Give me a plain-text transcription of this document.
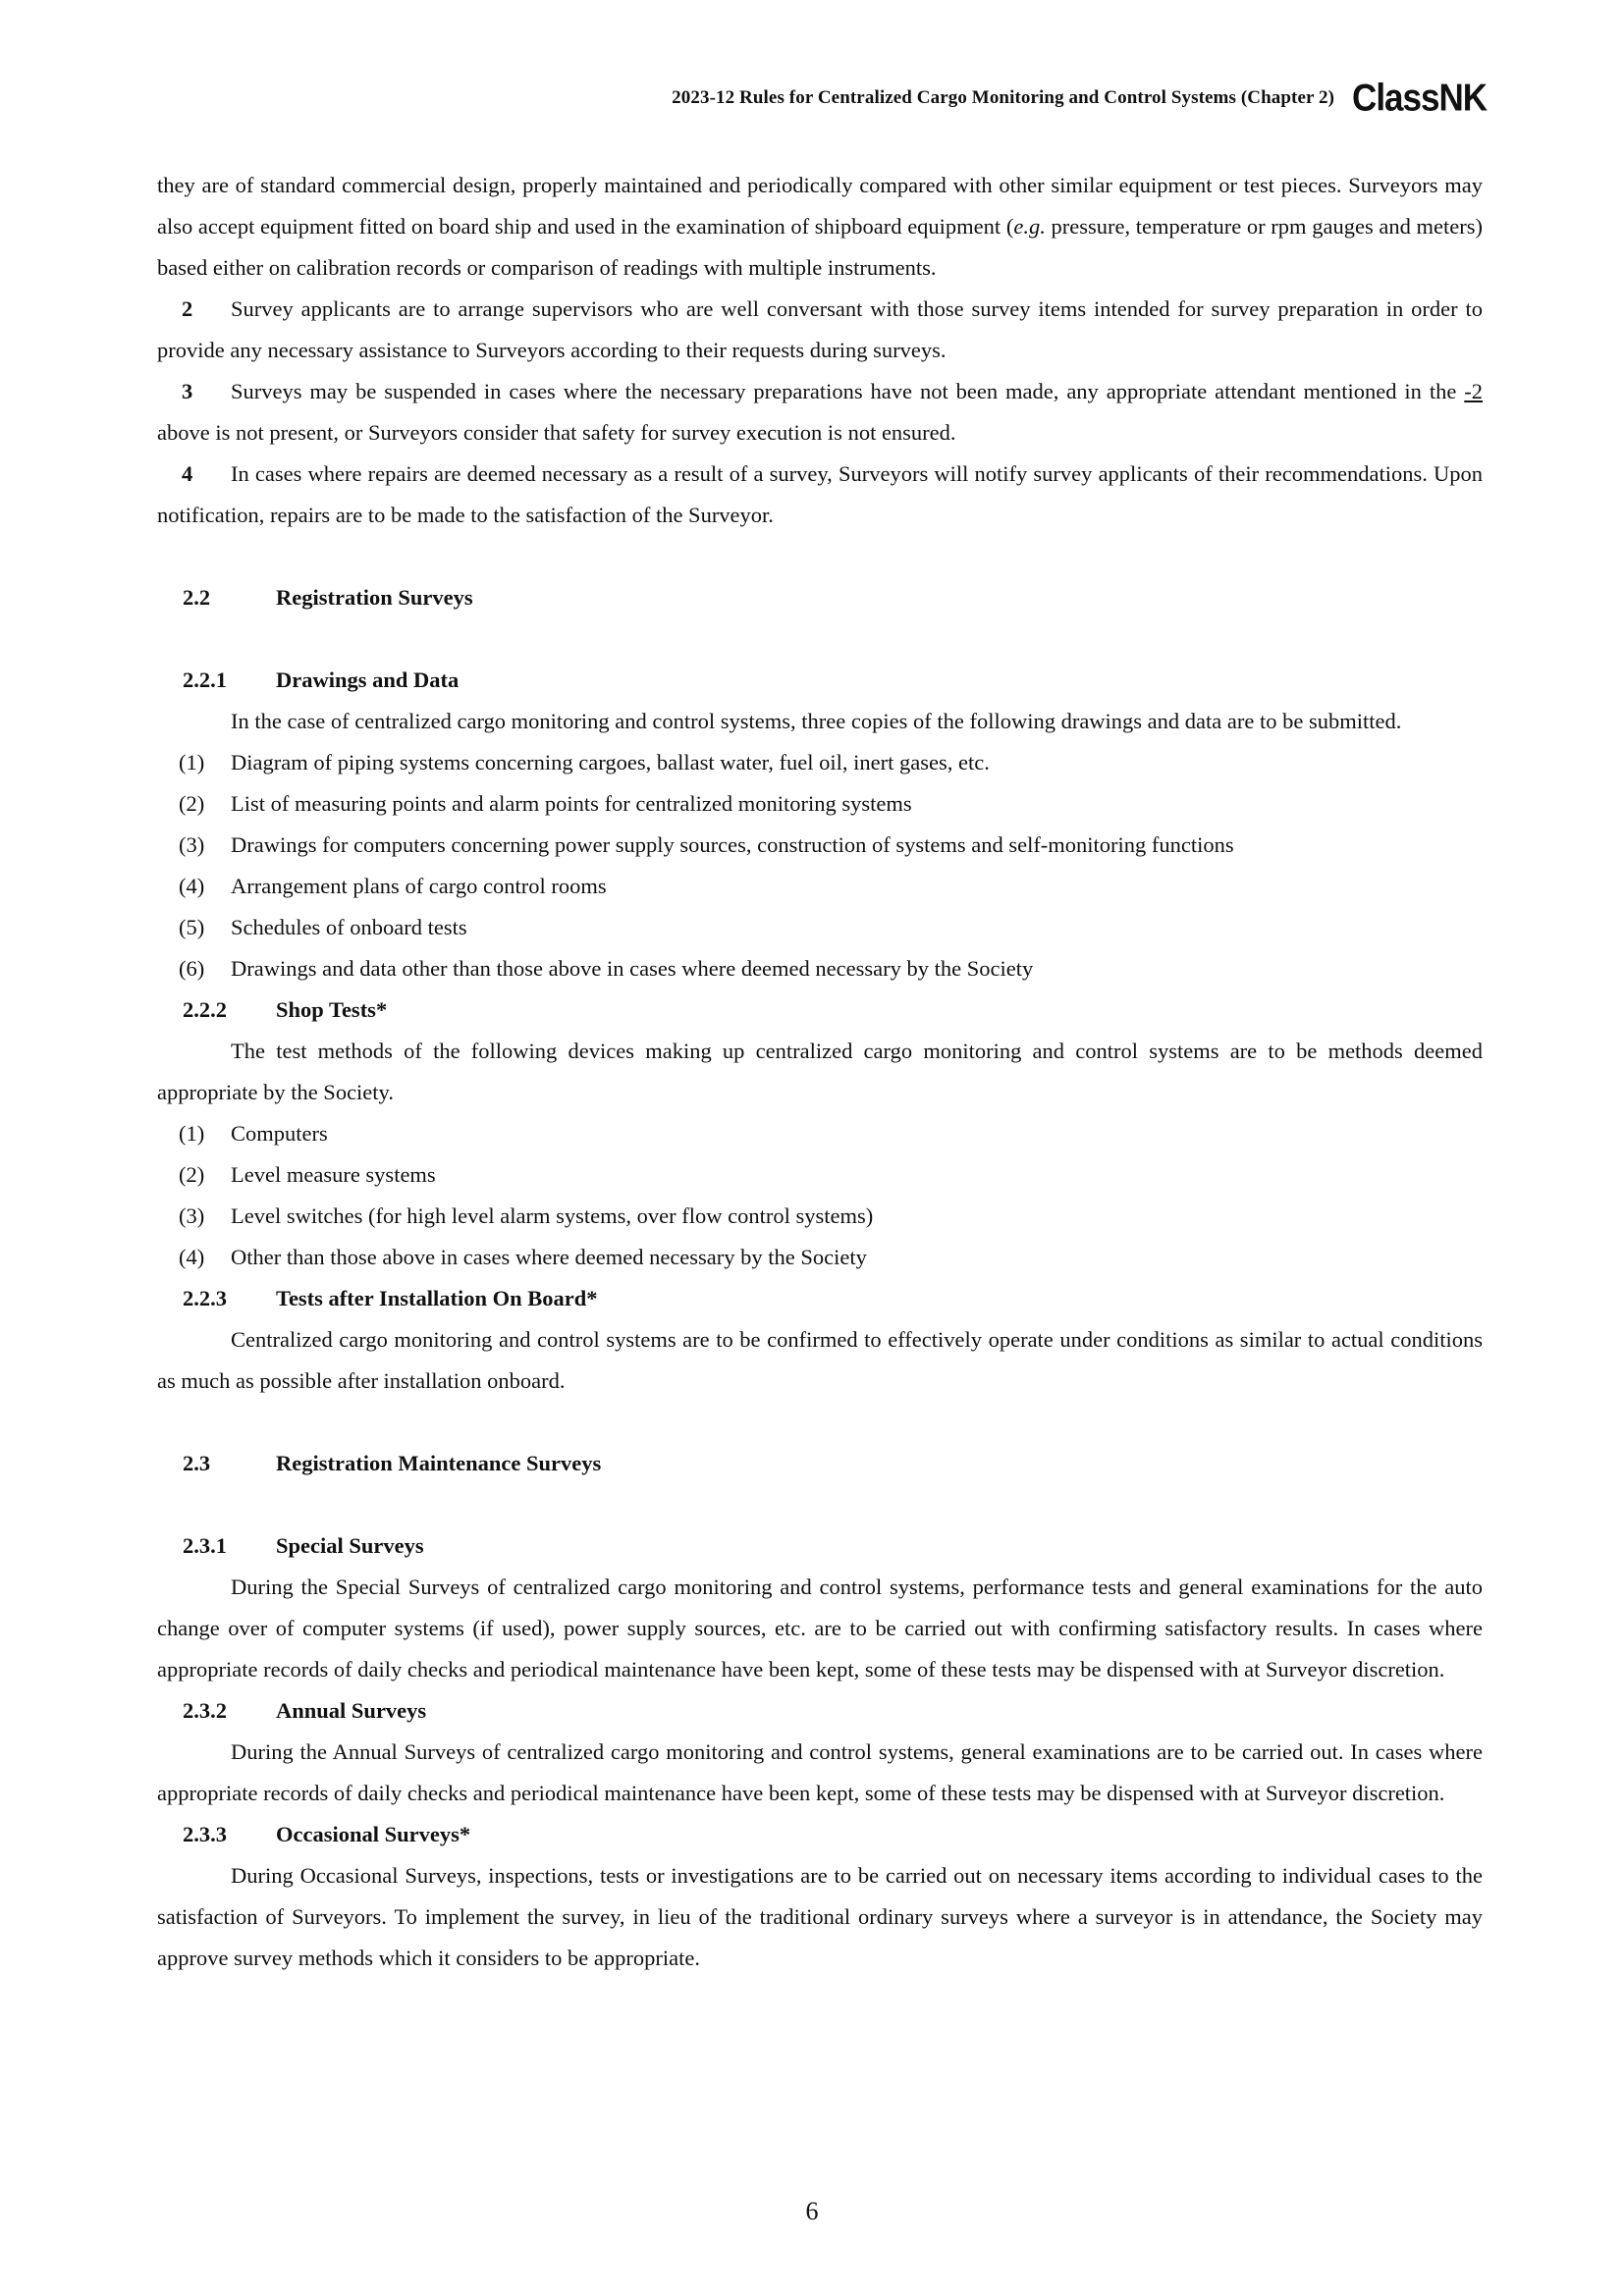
2023-12 Rules for Centralized Cargo Monitoring and Control Systems (Chapter 2) ClassNK

they are of standard commercial design, properly maintained and periodically compared with other similar equipment or test pieces. Surveyors may also accept equipment fitted on board ship and used in the examination of shipboard equipment (e.g. pressure, temperature or rpm gauges and meters) based either on calibration records or comparison of readings with multiple instruments.

2 Survey applicants are to arrange supervisors who are well conversant with those survey items intended for survey preparation in order to provide any necessary assistance to Surveyors according to their requests during surveys.

3 Surveys may be suspended in cases where the necessary preparations have not been made, any appropriate attendant mentioned in the -2 above is not present, or Surveyors consider that safety for survey execution is not ensured.

4 In cases where repairs are deemed necessary as a result of a survey, Surveyors will notify survey applicants of their recommendations. Upon notification, repairs are to be made to the satisfaction of the Surveyor.

2.2	Registration Surveys
2.2.1 Drawings and Data

In the case of centralized cargo monitoring and control systems, three copies of the following drawings and data are to be submitted.

(1) Diagram of piping systems concerning cargoes, ballast water, fuel oil, inert gases, etc.
(2) List of measuring points and alarm points for centralized monitoring systems
(3) Drawings for computers concerning power supply sources, construction of systems and self-monitoring functions
(4) Arrangement plans of cargo control rooms
(5) Schedules of onboard tests
(6) Drawings and data other than those above in cases where deemed necessary by the Society
2.2.2 Shop Tests*

The test methods of the following devices making up centralized cargo monitoring and control systems are to be methods deemed appropriate by the Society.

(1) Computers
(2) Level measure systems
(3) Level switches (for high level alarm systems, over flow control systems)
(4) Other than those above in cases where deemed necessary by the Society
2.2.3 Tests after Installation On Board*

Centralized cargo monitoring and control systems are to be confirmed to effectively operate under conditions as similar to actual conditions as much as possible after installation onboard.

2.3	Registration Maintenance Surveys
2.3.1 Special Surveys

During the Special Surveys of centralized cargo monitoring and control systems, performance tests and general examinations for the auto change over of computer systems (if used), power supply sources, etc. are to be carried out with confirming satisfactory results. In cases where appropriate records of daily checks and periodical maintenance have been kept, some of these tests may be dispensed with at Surveyor discretion.

2.3.2 Annual Surveys

During the Annual Surveys of centralized cargo monitoring and control systems, general examinations are to be carried out. In cases where appropriate records of daily checks and periodical maintenance have been kept, some of these tests may be dispensed with at Surveyor discretion.

2.3.3 Occasional Surveys*

During Occasional Surveys, inspections, tests or investigations are to be carried out on necessary items according to individual cases to the satisfaction of Surveyors. To implement the survey, in lieu of the traditional ordinary surveys where a surveyor is in attendance, the Society may approve survey methods which it considers to be appropriate.

6
